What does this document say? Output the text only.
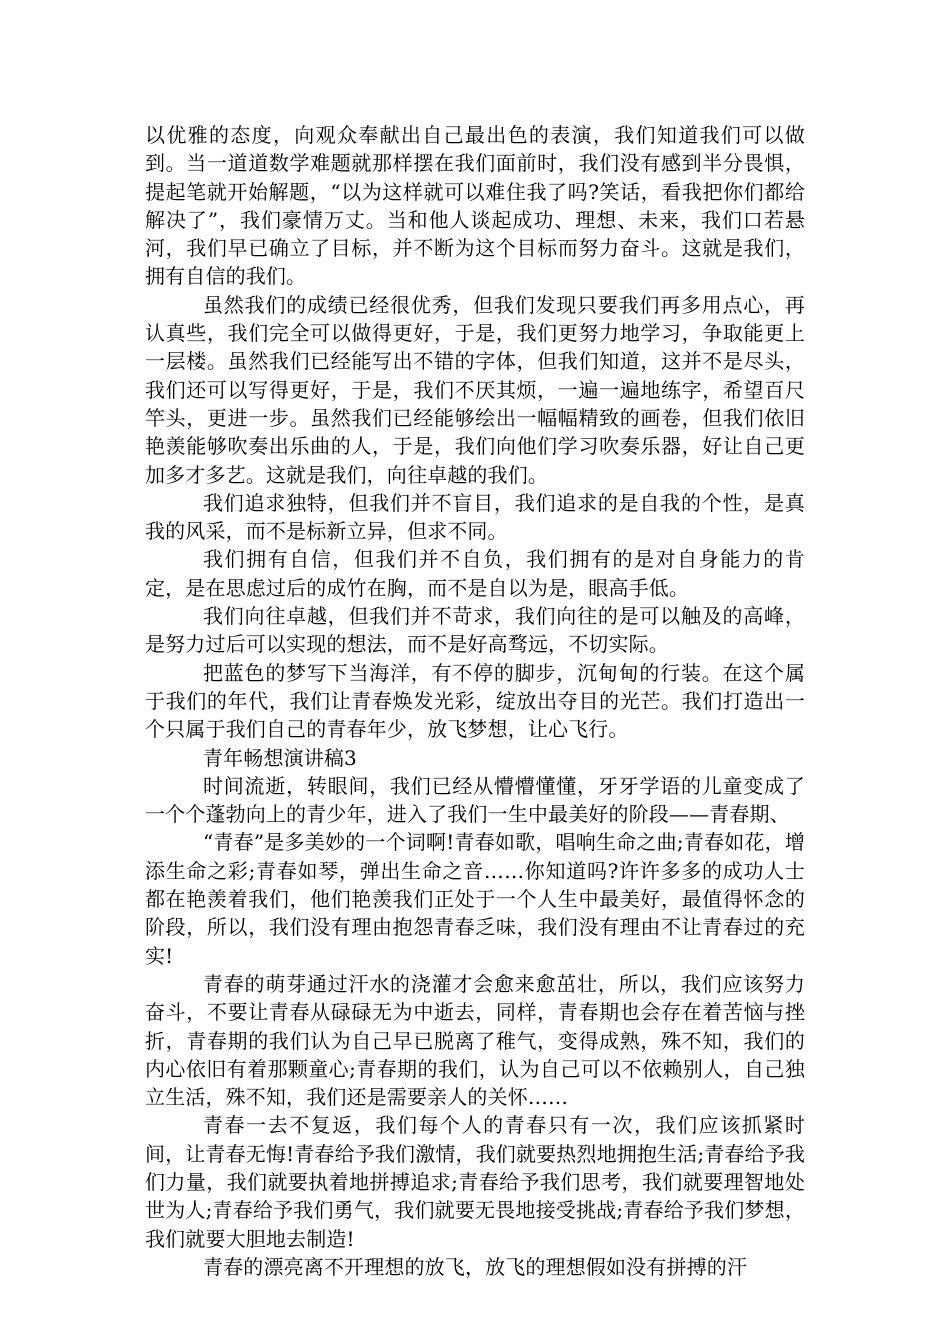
以优雅的态度，向观众奉献出自己最出色的表演，我们知道我们可以做到。当一道道数学难题就那样摆在我们面前时，我们没有感到半分畏惧，提起笔就开始解题，“以为这样就可以难住我了吗?笑话，看我把你们都给解决了”，我们豪情万丈。当和他人谈起成功、理想、未来，我们口若悬河，我们早已确立了目标，并不断为这个目标而努力奋斗。这就是我们，拥有自信的我们。

虽然我们的成绩已经很优秀，但我们发现只要我们再多用点心，再认真些，我们完全可以做得更好，于是，我们更努力地学习，争取能更上一层楼。虽然我们已经能写出不错的字体，但我们知道，这并不是尽头，我们还可以写得更好，于是，我们不厌其烦，一遍一遍地练字，希望百尺竿头，更进一步。虽然我们已经能够绘出一幅幅精致的画卷，但我们依旧艳羡能够吹奏出乐曲的人，于是，我们向他们学习吹奏乐器，好让自己更加多才多艺。这就是我们，向往卓越的我们。

我们追求独特，但我们并不盲目，我们追求的是自我的个性，是真我的风采，而不是标新立异，但求不同。

我们拥有自信，但我们并不自负，我们拥有的是对自身能力的肯定，是在思虑过后的成竹在胸，而不是自以为是，眼高手低。

我们向往卓越，但我们并不苛求，我们向往的是可以触及的高峰，是努力过后可以实现的想法，而不是好高骛远，不切实际。

把蓝色的梦写下当海洋，有不停的脚步，沉甸甸的行装。在这个属于我们的年代，我们让青春焕发光彩，绽放出夺目的光芒。我们打造出一个只属于我们自己的青春年少，放飞梦想，让心飞行。

青年畅想演讲稿3

时间流逝，转眼间，我们已经从懵懵懂懂，牙牙学语的儿童变成了一个个蓬勃向上的青少年，进入了我们一生中最美好的阶段——青春期、

“青春”是多美妙的一个词啊!青春如歌，唱响生命之曲;青春如花，增添生命之彩;青春如琴，弹出生命之音……你知道吗?许许多多的成功人士都在艳羡着我们，他们艳羡我们正处于一个人生中最美好，最值得怀念的阶段，所以，我们没有理由抱怨青春乏味，我们没有理由不让青春过的充实!

青春的萌芽通过汗水的浇灌才会愈来愈茁壮，所以，我们应该努力奋斗，不要让青春从碌碌无为中逝去，同样，青春期也会存在着苦恼与挫折，青春期的我们认为自己早已脱离了稚气，变得成熟，殊不知，我们的内心依旧有着那颗童心;青春期的我们，认为自己可以不依赖别人，自己独立生活，殊不知，我们还是需要亲人的关怀……

青春一去不复返，我们每个人的青春只有一次，我们应该抓紧时间，让青春无悔!青春给予我们激情，我们就要热烈地拥抱生活;青春给予我们力量，我们就要执着地拼搏追求;青春给予我们思考，我们就要理智地处世为人;青春给予我们勇气，我们就要无畏地接受挑战;青春给予我们梦想，我们就要大胆地去制造!

青春的漂亮离不开理想的放飞，放飞的理想假如没有拼搏的汗
